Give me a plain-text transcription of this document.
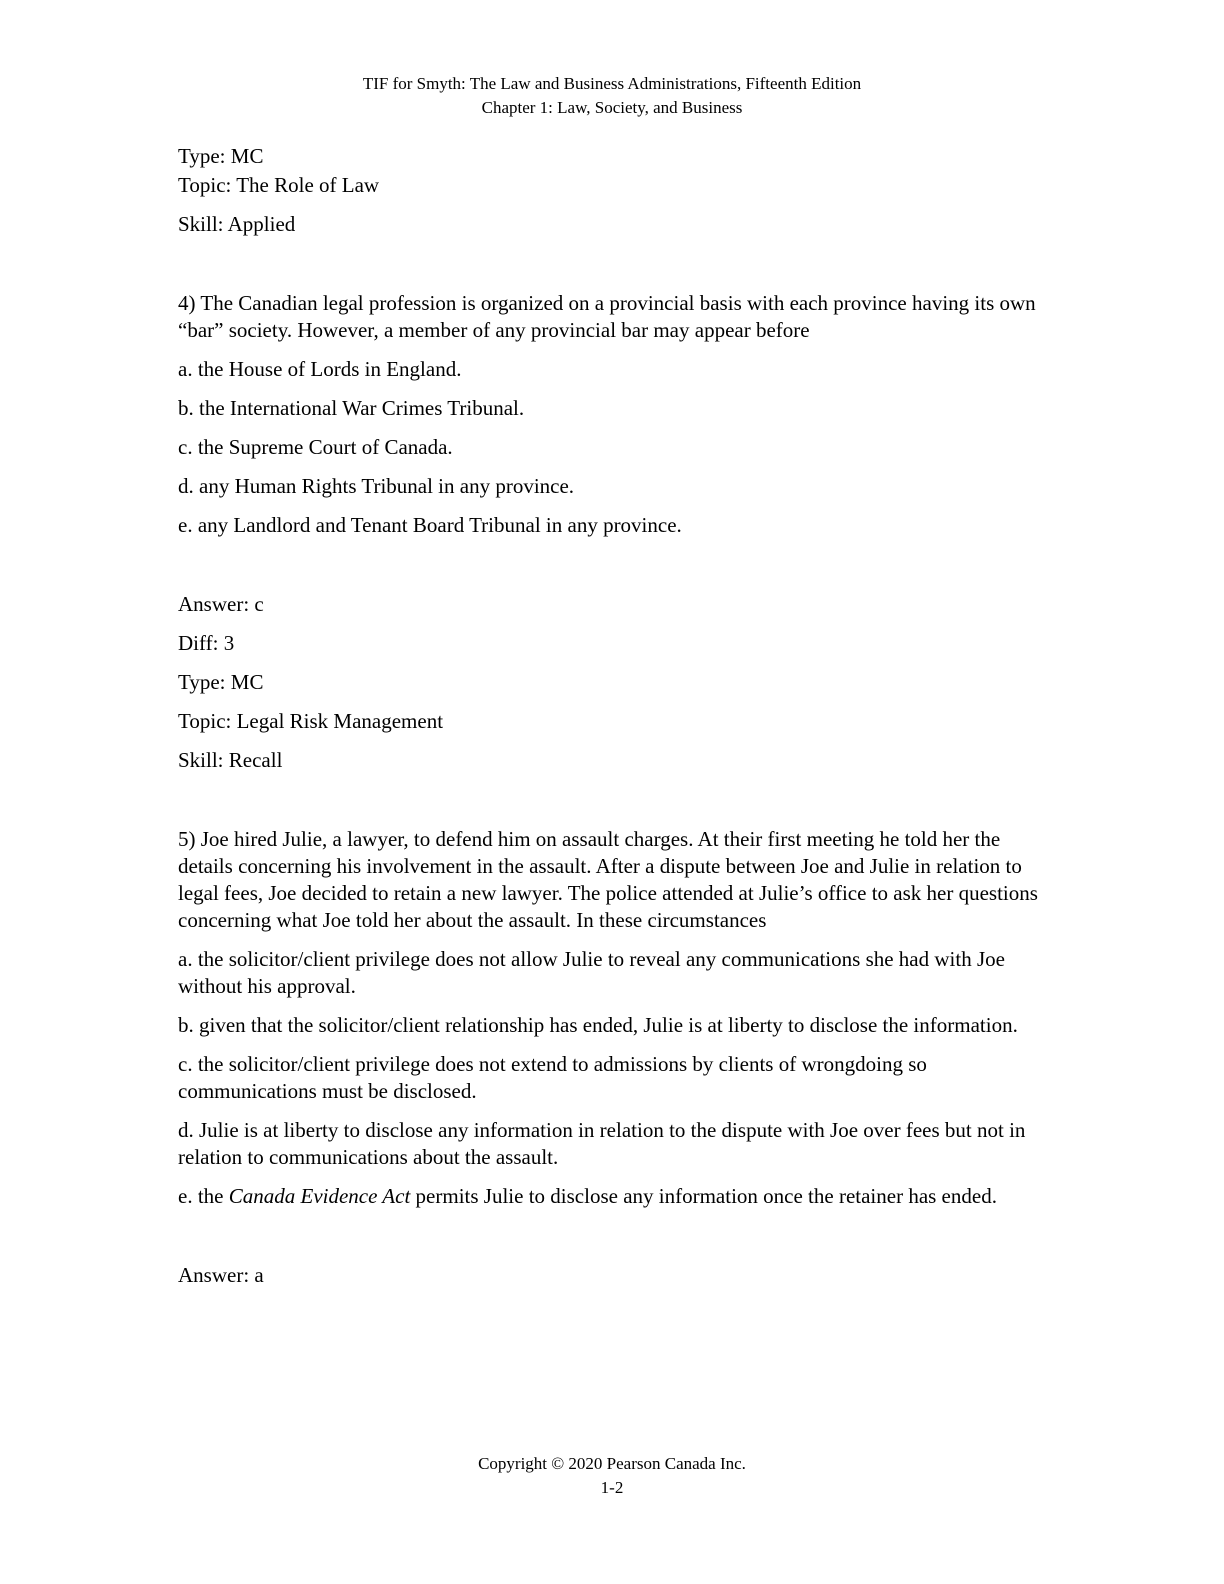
TIF for Smyth: The Law and Business Administrations, Fifteenth Edition
Chapter 1: Law, Society, and Business

Type: MC

Topic: The Role of Law

Skill: Applied

4) The Canadian legal profession is organized on a provincial basis with each province having its own “bar” society. However, a member of any provincial bar may appear before

a. the House of Lords in England.

b. the International War Crimes Tribunal.

c. the Supreme Court of Canada.

d. any Human Rights Tribunal in any province.

e. any Landlord and Tenant Board Tribunal in any province.

Answer: c

Diff: 3

Type: MC

Topic: Legal Risk Management

Skill: Recall

5) Joe hired Julie, a lawyer, to defend him on assault charges. At their first meeting he told her the details concerning his involvement in the assault. After a dispute between Joe and Julie in relation to legal fees, Joe decided to retain a new lawyer. The police attended at Julie’s office to ask her questions concerning what Joe told her about the assault. In these circumstances

a. the solicitor/client privilege does not allow Julie to reveal any communications she had with Joe without his approval.

b. given that the solicitor/client relationship has ended, Julie is at liberty to disclose the information.

c. the solicitor/client privilege does not extend to admissions by clients of wrongdoing so communications must be disclosed.

d. Julie is at liberty to disclose any information in relation to the dispute with Joe over fees but not in relation to communications about the assault.

e. the Canada Evidence Act permits Julie to disclose any information once the retainer has ended.

Answer: a

Copyright © 2020 Pearson Canada Inc.
1-2
